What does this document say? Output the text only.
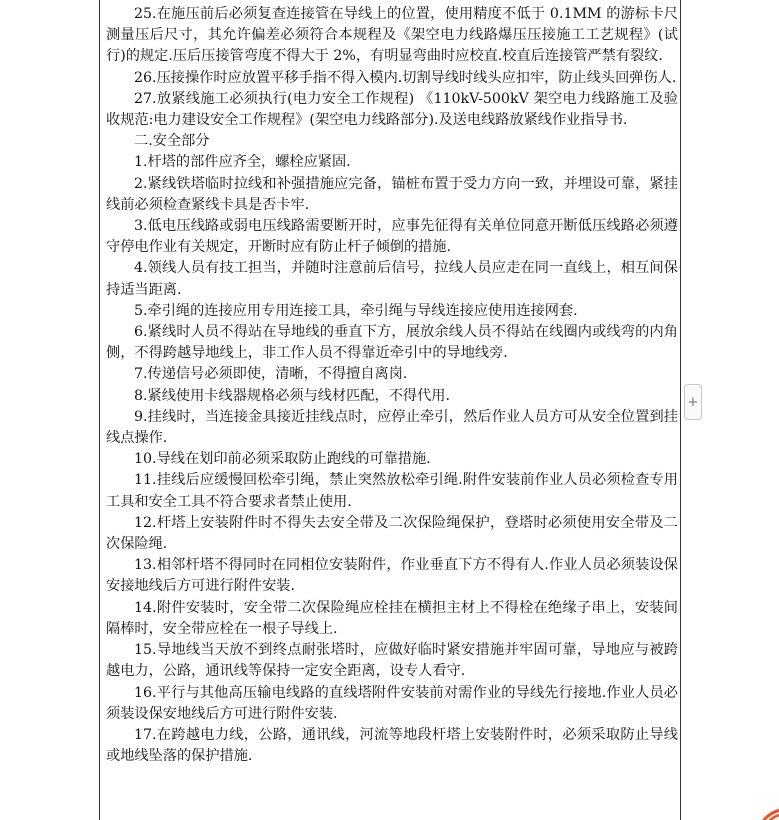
25.在施压前后必须复查连接管在导线上的位置，使用精度不低于 0.1MM 的游标卡尺测量压后尺寸，其允许偏差必须符合本规程及《架空电力线路爆压压接施工工艺规程》(试行)的规定.压后压接管弯度不得大于 2%，有明显弯曲时应校直.校直后连接管严禁有裂纹.

26.压接操作时应放置平移手指不得入模内.切割导线时线头应扣牢，防止线头回弹伤人.

27.放紧线施工必须执行(电力安全工作规程) 《110kV-500kV 架空电力线路施工及验收规范:电力建设安全工作规程》(架空电力线路部分).及送电线路放紧线作业指导书.

二.安全部分

1.杆塔的部件应齐全，螺栓应紧固.

2.紧线铁塔临时拉线和补强措施应完备，锚桩布置于受力方向一致，并埋设可靠，紧挂线前必须检查紧线卡具是否卡牢.

3.低电压线路或弱电压线路需要断开时，应事先征得有关单位同意开断低压线路必须遵守停电作业有关规定，开断时应有防止杆子倾倒的措施.

4.领线人员有技工担当，并随时注意前后信号，拉线人员应走在同一直线上，相互间保持适当距离.

5.牵引绳的连接应用专用连接工具，牵引绳与导线连接应使用连接网套.

6.紧线时人员不得站在导地线的垂直下方，展放余线人员不得站在线圈内或线弯的内角侧，不得跨越导地线上，非工作人员不得靠近牵引中的导地线旁.

7.传递信号必须即使，清晰，不得擅自离岗.

8.紧线使用卡线器规格必须与线材匹配，不得代用.

9.挂线时，当连接金具接近挂线点时，应停止牵引，然后作业人员方可从安全位置到挂线点操作.

10.导线在划印前必须采取防止跑线的可靠措施.

11.挂线后应缓慢回松牵引绳，禁止突然放松牵引绳.附件安装前作业人员必须检查专用工具和安全工具不符合要求者禁止使用.

12.杆塔上安装附件时不得失去安全带及二次保险绳保护，登塔时必须使用安全带及二次保险绳.

13.相邻杆塔不得同时在同相位安装附件，作业垂直下方不得有人.作业人员必须装设保安接地线后方可进行附件安装.

14.附件安装时，安全带二次保险绳应栓挂在横担主材上不得栓在绝缘子串上，安装间隔棒时，安全带应栓在一根子导线上.

15.导地线当天放不到终点耐张塔时，应做好临时紧安措施并牢固可靠，导地应与被跨越电力，公路，通讯线等保持一定安全距离，设专人看守.

16.平行与其他高压输电线路的直线塔附件安装前对需作业的导线先行接地.作业人员必须装设保安地线后方可进行附件安装.

17.在跨越电力线，公路，通讯线，河流等地段杆塔上安装附件时，必须采取防止导线或地线坠落的保护措施.

+
